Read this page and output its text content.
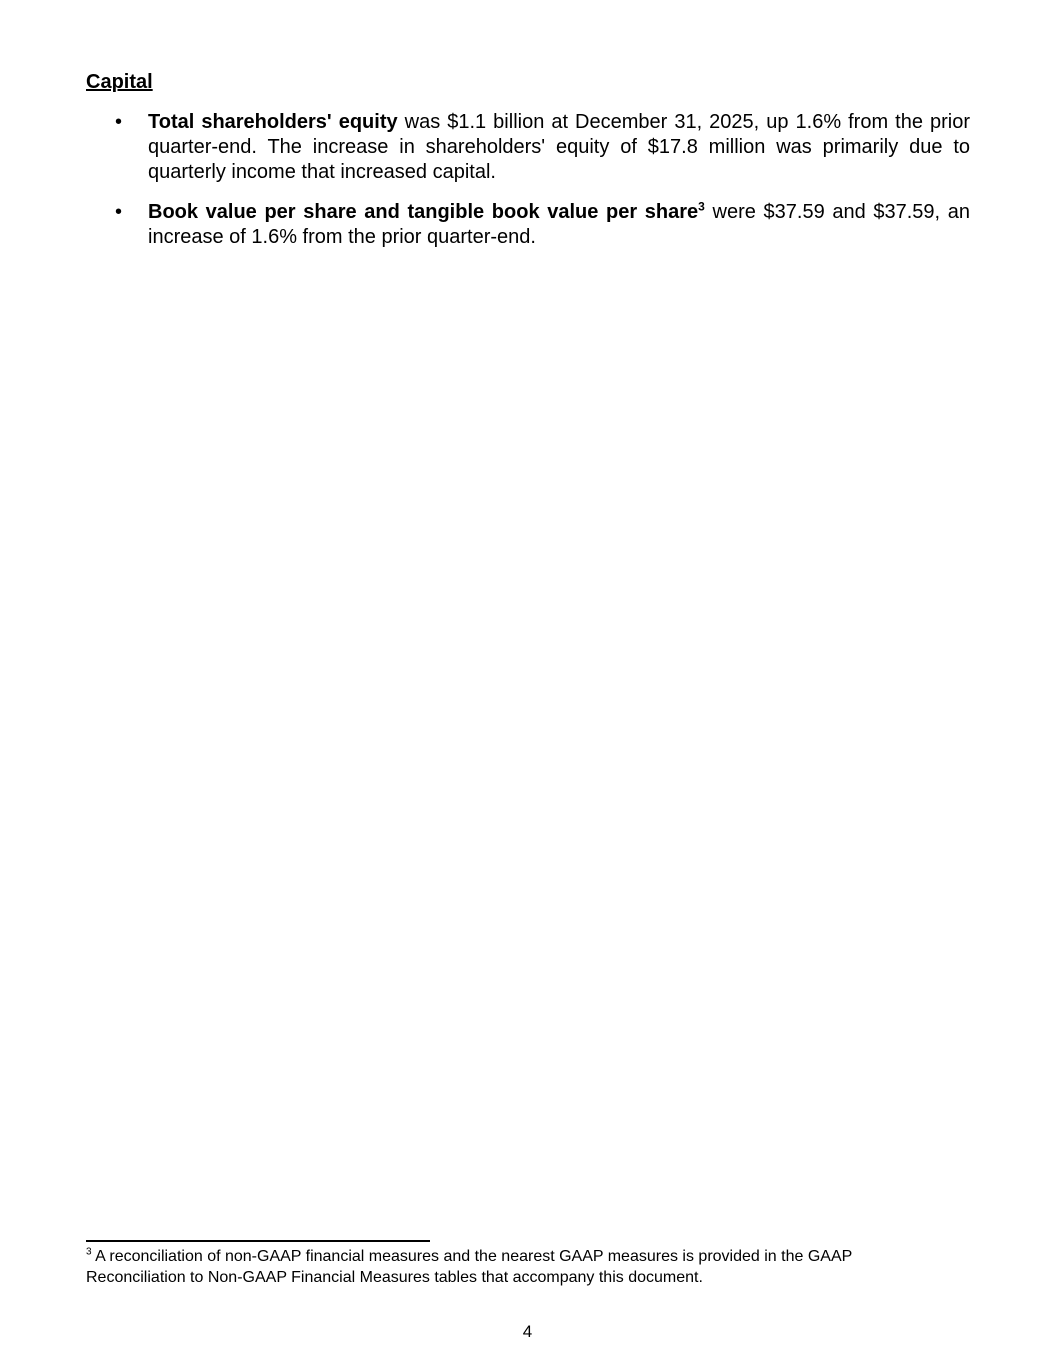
Capital
• Total shareholders' equity was $1.1 billion at December 31, 2025, up 1.6% from the prior quarter-end. The increase in shareholders' equity of $17.8 million was primarily due to quarterly income that increased capital.
• Book value per share and tangible book value per share$^3$ were $37.59 and $37.59, an increase of 1.6% from the prior quarter-end.

$^3$ A reconciliation of non-GAAP financial measures and the nearest GAAP measures is provided in the GAAP Reconciliation to Non-GAAP Financial Measures tables that accompany this document.

4
